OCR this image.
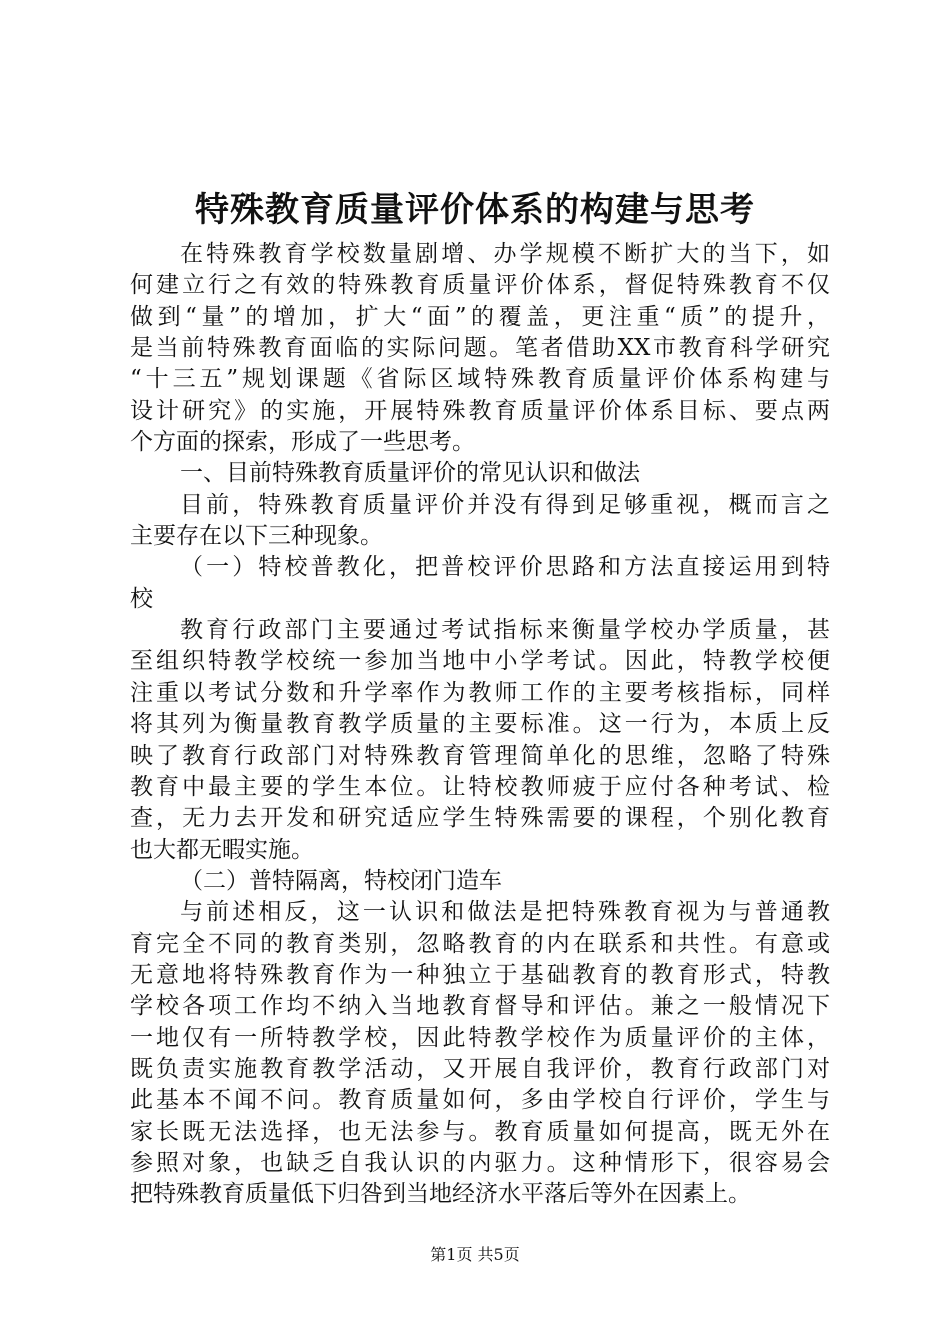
特殊教育质量评价体系的构建与思考
在特殊教育学校数量剧增、办学规模不断扩大的当下，如
何建立行之有效的特殊教育质量评价体系，督促特殊教育不仅
做到“量”的增加，扩大“面”的覆盖，更注重“质”的提升，
是当前特殊教育面临的实际问题。笔者借助XX市教育科学研究
“十三五”规划课题《省际区域特殊教育质量评价体系构建与
设计研究》的实施，开展特殊教育质量评价体系目标、要点两
个方面的探索，形成了一些思考。
一、目前特殊教育质量评价的常见认识和做法
目前，特殊教育质量评价并没有得到足够重视，概而言之
主要存在以下三种现象。
（一）特校普教化，把普校评价思路和方法直接运用到特
校
教育行政部门主要通过考试指标来衡量学校办学质量，甚
至组织特教学校统一参加当地中小学考试。因此，特教学校便
注重以考试分数和升学率作为教师工作的主要考核指标，同样
将其列为衡量教育教学质量的主要标准。这一行为，本质上反
映了教育行政部门对特殊教育管理简单化的思维，忽略了特殊
教育中最主要的学生本位。让特校教师疲于应付各种考试、检
查，无力去开发和研究适应学生特殊需要的课程，个别化教育
也大都无暇实施。
（二）普特隔离，特校闭门造车
与前述相反，这一认识和做法是把特殊教育视为与普通教
育完全不同的教育类别，忽略教育的内在联系和共性。有意或
无意地将特殊教育作为一种独立于基础教育的教育形式，特教
学校各项工作均不纳入当地教育督导和评估。兼之一般情况下
一地仅有一所特教学校，因此特教学校作为质量评价的主体，
既负责实施教育教学活动，又开展自我评价，教育行政部门对
此基本不闻不问。教育质量如何，多由学校自行评价，学生与
家长既无法选择，也无法参与。教育质量如何提高，既无外在
参照对象，也缺乏自我认识的内驱力。这种情形下，很容易会
把特殊教育质量低下归咎到当地经济水平落后等外在因素上。
第1页 共5页
